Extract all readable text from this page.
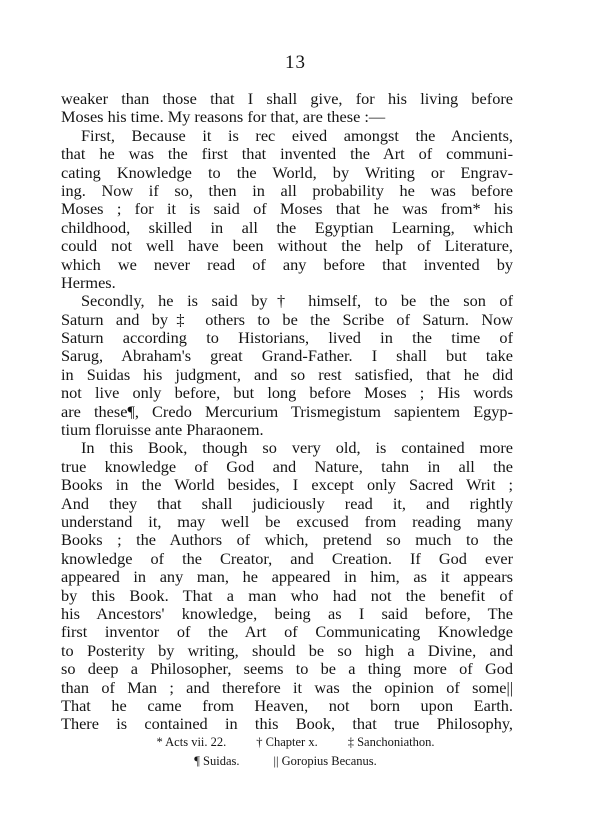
13
weaker than those that I shall give, for his living before
Moses his time. My reasons for that, are these :—
First, Because it is rec eived amongst the Ancients,
that he was the first that invented the Art of communi-
cating Knowledge to the World, by Writing or Engrav-
ing. Now if so, then in all probability he was before
Moses ; for it is said of Moses that he was from* his
childhood, skilled in all the Egyptian Learning, which
could not well have been without the help of Literature,
which we never read of any before that invented by
Hermes.
Secondly, he is said by† himself, to be the son of
Saturn and by‡ others to be the Scribe of Saturn. Now
Saturn according to Historians, lived in the time of
Sarug, Abraham's great Grand-Father. I shall but take
in Suidas his judgment, and so rest satisfied, that he did
not live only before, but long before Moses ; His words
are these¶, Credo Mercurium Trismegistum sapientem Egyp-
tium floruisse ante Pharaonem.
In this Book, though so very old, is contained more
true knowledge of God and Nature, tahn in all the
Books in the World besides, I except only Sacred Writ ;
And they that shall judiciously read it, and rightly
understand it, may well be excused from reading many
Books ; the Authors of which, pretend so much to the
knowledge of the Creator, and Creation. If God ever
appeared in any man, he appeared in him, as it appears
by this Book. That a man who had not the benefit of
his Ancestors' knowledge, being as I said before, The
first inventor of the Art of Communicating Knowledge
to Posterity by writing, should be so high a Divine, and
so deep a Philosopher, seems to be a thing more of God
than of Man ; and therefore it was the opinion of some||
That he came from Heaven, not born upon Earth.
There is contained in this Book, that true Philosophy,
* Acts vii. 22. † Chapter x. ‡ Sanchoniathon.
¶ Suidas.	|| Goropius Becanus.
